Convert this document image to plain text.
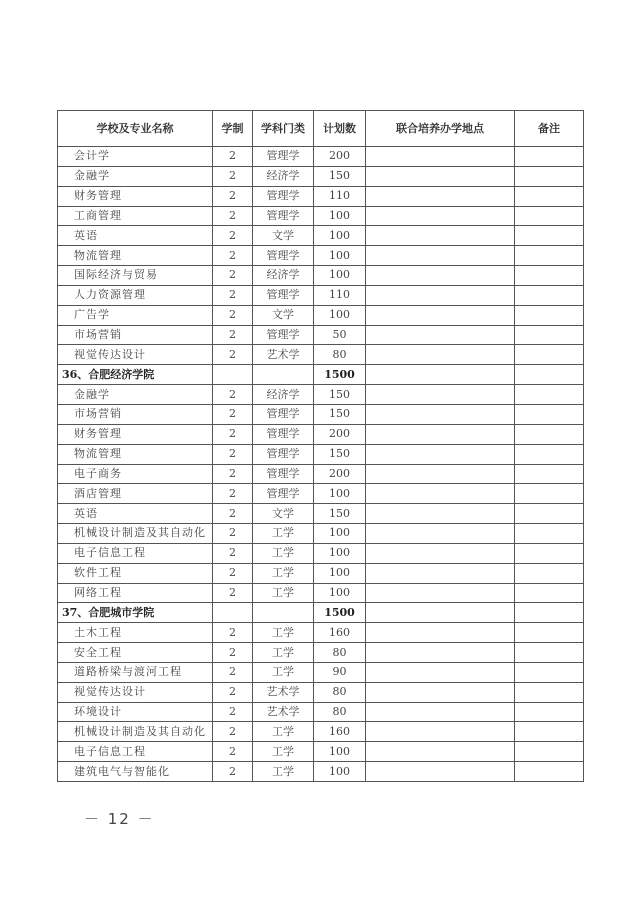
学校及专业名称	学制	学科门类	计划数	联合培养办学地点	备注
会计学	2	管理学	200		
金融学	2	经济学	150		
财务管理	2	管理学	110		
工商管理	2	管理学	100		
英语	2	文学	100		
物流管理	2	管理学	100		
国际经济与贸易	2	经济学	100		
人力资源管理	2	管理学	110		
广告学	2	文学	100		
市场营销	2	管理学	50		
视觉传达设计	2	艺术学	80		
36、合肥经济学院			1500		
金融学	2	经济学	150		
市场营销	2	管理学	150		
财务管理	2	管理学	200		
物流管理	2	管理学	150		
电子商务	2	管理学	200		
酒店管理	2	管理学	100		
英语	2	文学	150		
机械设计制造及其自动化	2	工学	100		
电子信息工程	2	工学	100		
软件工程	2	工学	100		
网络工程	2	工学	100		
37、合肥城市学院			1500		
土木工程	2	工学	160		
安全工程	2	工学	80		
道路桥梁与渡河工程	2	工学	90		
视觉传达设计	2	艺术学	80		
环境设计	2	艺术学	80		
机械设计制造及其自动化	2	工学	160		
电子信息工程	2	工学	100		
建筑电气与智能化	2	工学	100		
－ 12 －
